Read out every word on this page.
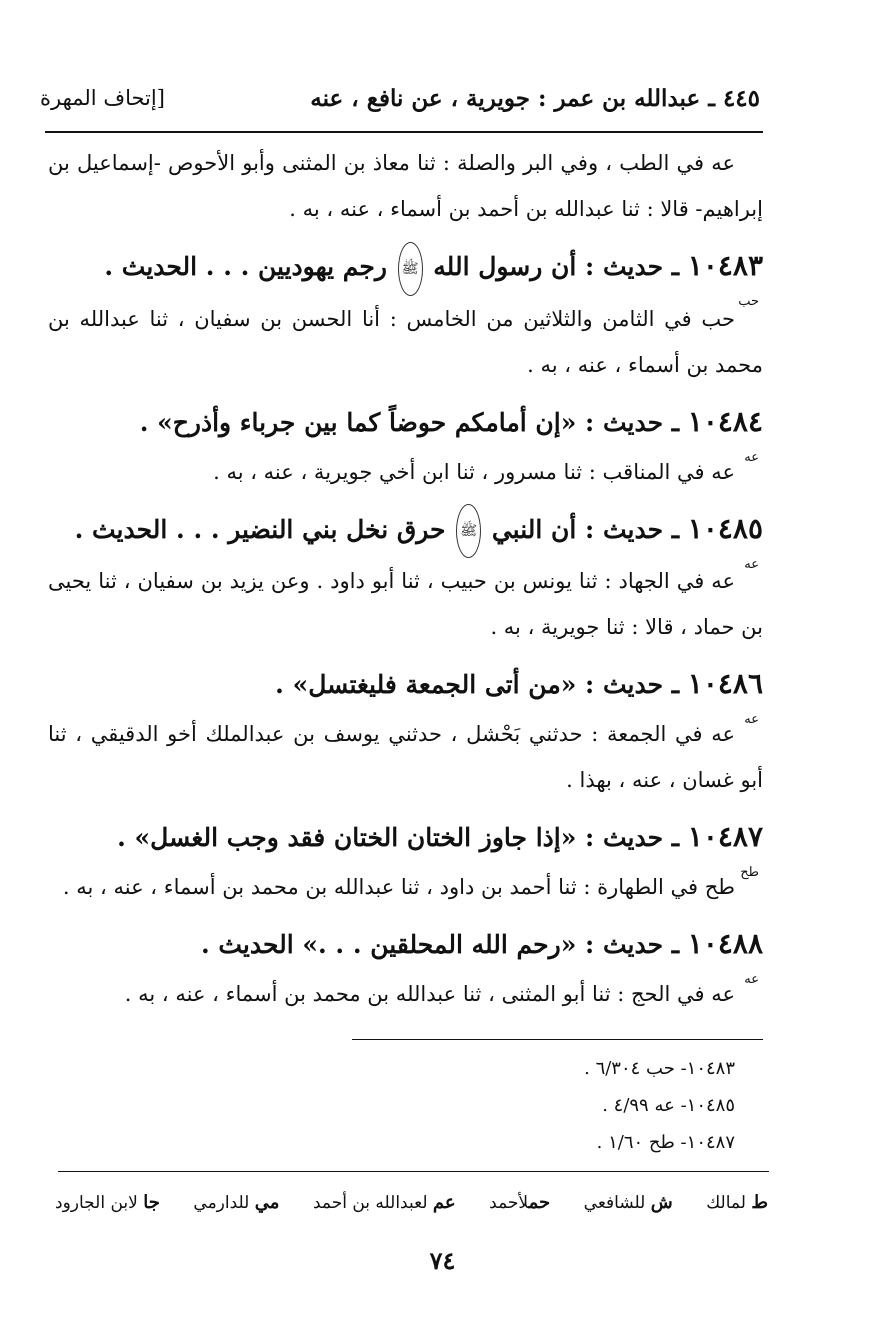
٤٤٥ ـ عبدالله بن عمر : جويرية ، عن نافع ، عنه
[إتحاف المهرة

عه في الطب ، وفي البر والصلة : ثنا معاذ بن المثنى وأبو الأحوص -إسماعيل بن إبراهيم- قالا : ثنا عبدالله بن أحمد بن أسماء ، عنه ، به .

١٠٤٨٣ ـ حديث : أن رسول الله ﷺ رجم يهوديين . . . الحديث .
حب

حب في الثامن والثلاثين من الخامس : أنا الحسن بن سفيان ، ثنا عبدالله بن محمد بن أسماء ، عنه ، به .

١٠٤٨٤ ـ حديث : «إن أمامكم حوضاً كما بين جرباء وأذرح» .
عه

عه في المناقب : ثنا مسرور ، ثنا ابن أخي جويرية ، عنه ، به .

١٠٤٨٥ ـ حديث : أن النبي ﷺ حرق نخل بني النضير . . . الحديث .
عه

عه في الجهاد : ثنا يونس بن حبيب ، ثنا أبو داود . وعن يزيد بن سفيان ، ثنا يحيى بن حماد ، قالا : ثنا جويرية ، به .

١٠٤٨٦ ـ حديث : «من أتى الجمعة فليغتسل» .
عه

عه في الجمعة : حدثني بَحْشل ، حدثني يوسف بن عبدالملك أخو الدقيقي ، ثنا أبو غسان ، عنه ، بهذا .

١٠٤٨٧ ـ حديث : «إذا جاوز الختان الختان فقد وجب الغسل» .
طح

طح في الطهارة : ثنا أحمد بن داود ، ثنا عبدالله بن محمد بن أسماء ، عنه ، به .

١٠٤٨٨ ـ حديث : «رحم الله المحلقين . . .» الحديث .
عه

عه في الحج : ثنا أبو المثنى ، ثنا عبدالله بن محمد بن أسماء ، عنه ، به .

١٠٤٨٣- حب ٦/٣٠٤ .

١٠٤٨٥- عه ٤/٩٩ .

١٠٤٨٧- طح ١/٦٠ .

ط لمالك
ش للشافعي
حملأحمد
عم لعبدالله بن أحمد
مي للدارمي
جا لابن الجارود
٧٤
